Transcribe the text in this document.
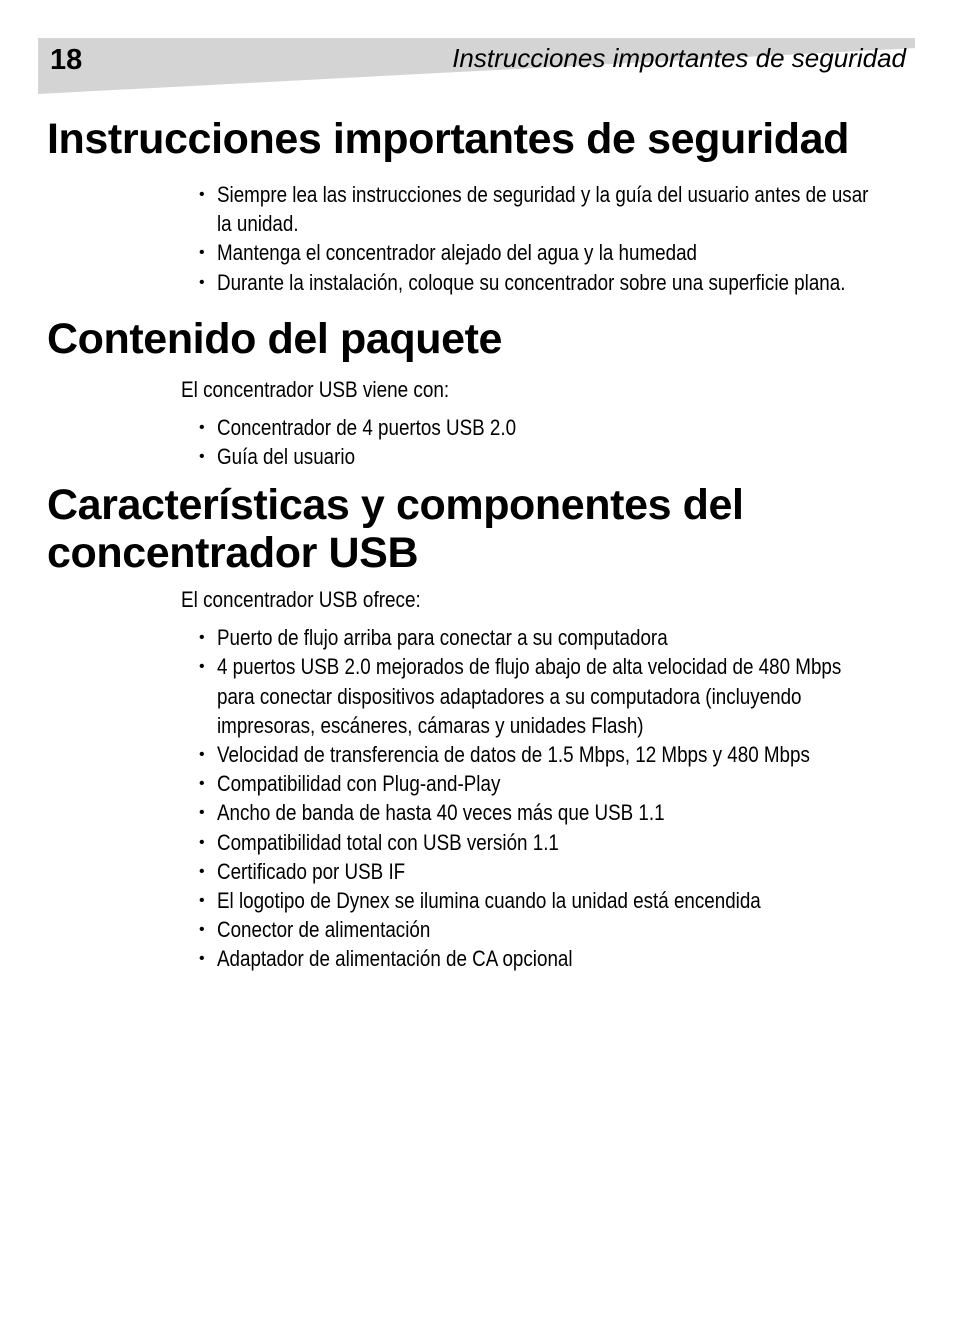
18	Instrucciones importantes de seguridad
Instrucciones importantes de seguridad
• Siempre lea las instrucciones de seguridad y la guía del usuario antes de usar la unidad.
• Mantenga el concentrador alejado del agua y la humedad
• Durante la instalación, coloque su concentrador sobre una superficie plana.
Contenido del paquete
El concentrador USB viene con:
• Concentrador de 4 puertos USB 2.0
• Guía del usuario
Características y componentes del concentrador USB
El concentrador USB ofrece:
• Puerto de flujo arriba para conectar a su computadora
• 4 puertos USB 2.0 mejorados de flujo abajo de alta velocidad de 480 Mbps para conectar dispositivos adaptadores a su computadora (incluyendo impresoras, escáneres, cámaras y unidades Flash)
• Velocidad de transferencia de datos de 1.5 Mbps, 12 Mbps y 480 Mbps
• Compatibilidad con Plug-and-Play
• Ancho de banda de hasta 40 veces más que USB 1.1
• Compatibilidad total con USB versión 1.1
• Certificado por USB IF
• El logotipo de Dynex se ilumina cuando la unidad está encendida
• Conector de alimentación
• Adaptador de alimentación de CA opcional
